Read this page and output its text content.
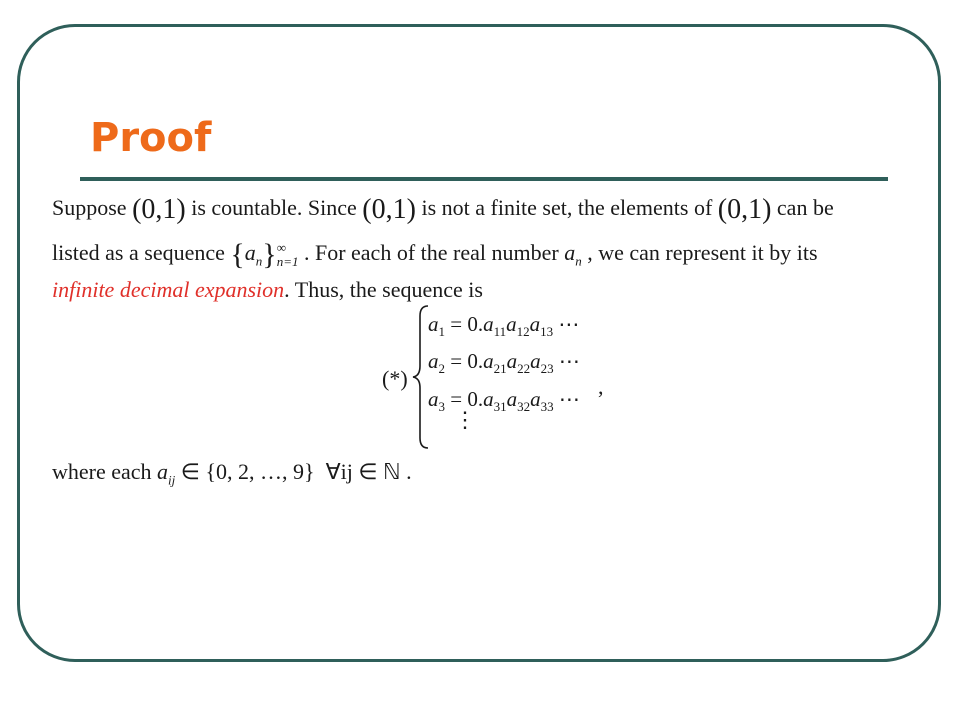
Proof
Suppose (0,1) is countable. Since (0,1) is not a finite set, the elements of (0,1) can be
listed as a sequence $\{a_n\}$ ∞
n=1 . For each of the real number $a_n$ , we can represent it by its
infinite decimal expansion. Thus, the sequence is
(*)
$a_1 = 0.a_{11}a_{12}a_{13}$ ⋯
$a_2 = 0.a_{21}a_{22}a_{23}$ ⋯
$a_3 = 0.a_{31}a_{32}a_{33}$ ⋯ ,
⋮
where each $a_{ij}$ ∈ {0, 2, …, 9} ∀ij ∈ ℕ .
